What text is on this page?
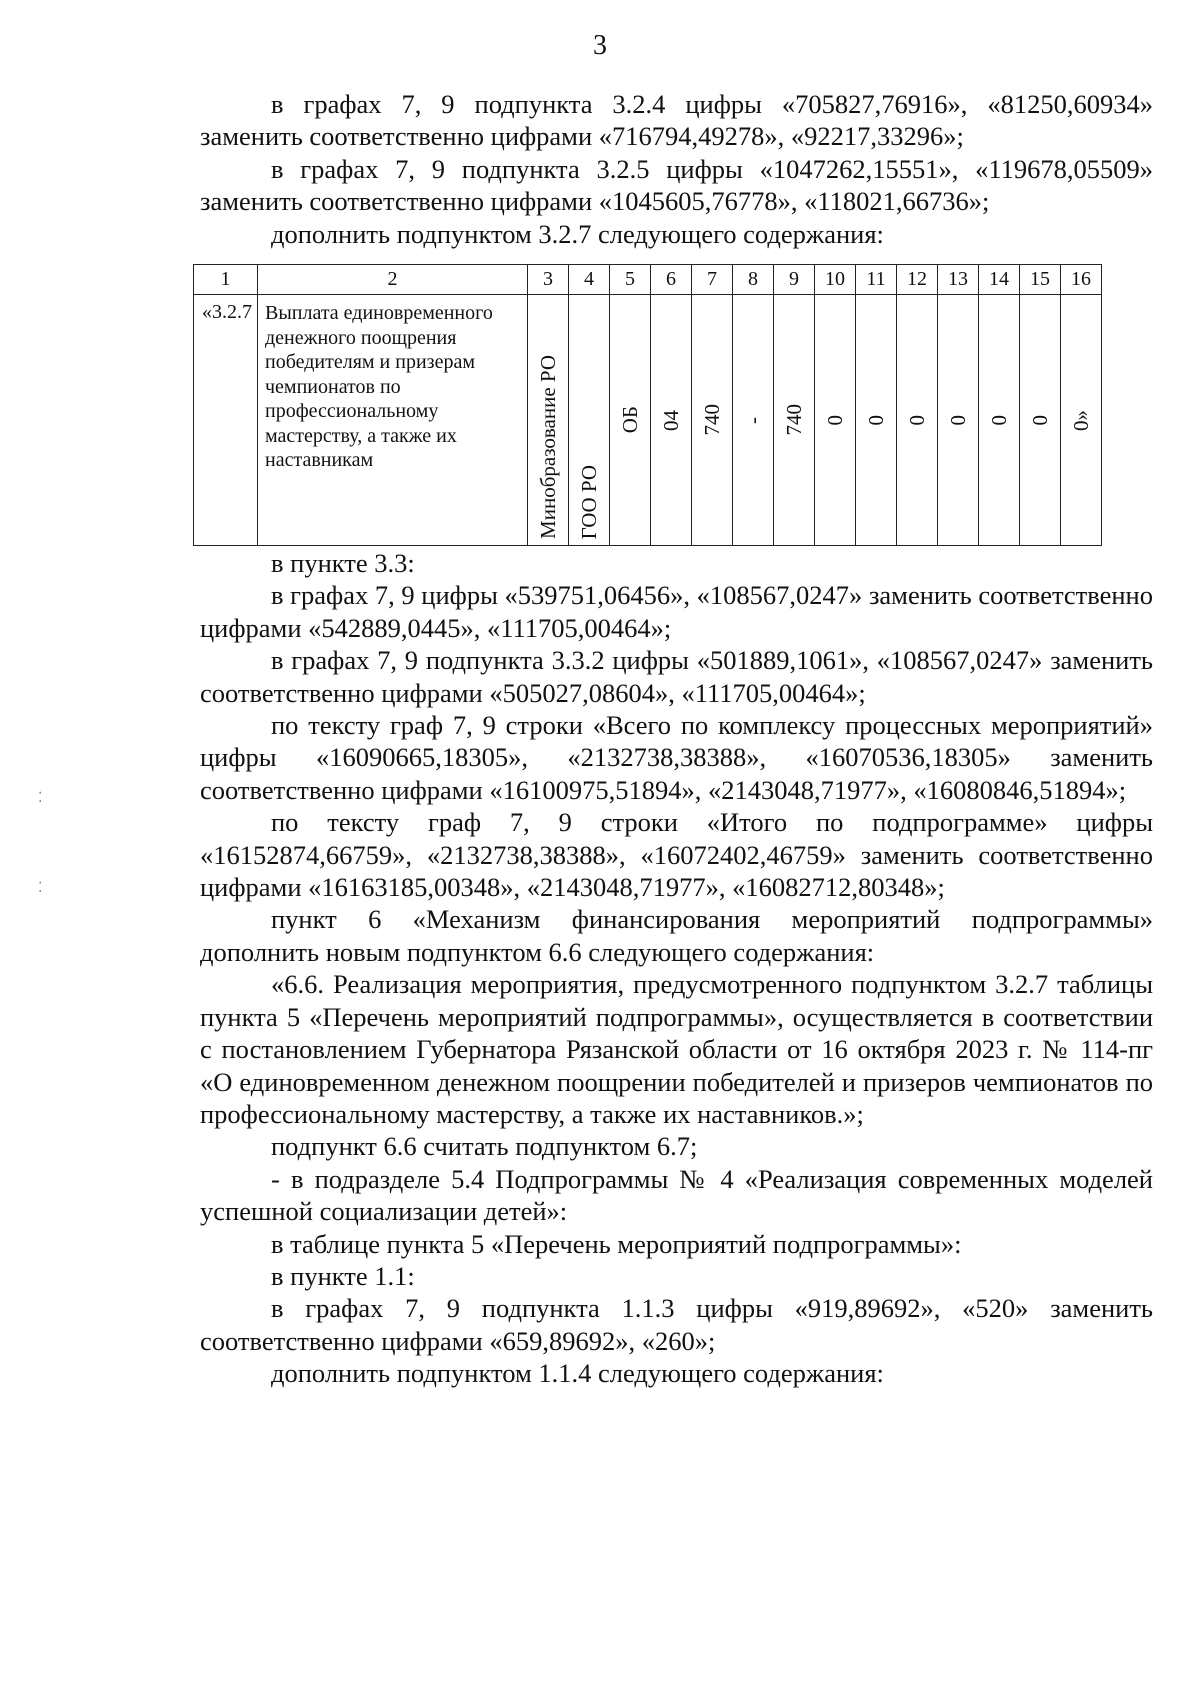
3

в графах 7, 9 подпункта 3.2.4 цифры «705827,76916», «81250,60934» заменить соответственно цифрами «716794,49278», «92217,33296»;

в графах 7, 9 подпункта 3.2.5 цифры «1047262,15551», «119678,05509» заменить соответственно цифрами «1045605,76778», «118021,66736»;

дополнить подпунктом 3.2.7 следующего содержания:

1	2	3	4	5	6	7	8	9	10	11	12	13	14	15	16
«3.2.7	Выплата единовременного денежного поощрения победителям и призерам чемпионатов по профессиональному мастерству, а также их наставникам	Минобразование РО	ГОО РО	ОБ	04	740	-	740	0	0	0	0	0	0	0»

в пункте 3.3:

в графах 7, 9 цифры «539751,06456», «108567,0247» заменить соответственно цифрами «542889,0445», «111705,00464»;

в графах 7, 9 подпункта 3.3.2 цифры «501889,1061», «108567,0247» заменить соответственно цифрами «505027,08604», «111705,00464»;

по тексту граф 7, 9 строки «Всего по комплексу процессных мероприятий» цифры «16090665,18305», «2132738,38388», «16070536,18305» заменить соответственно цифрами «16100975,51894», «2143048,71977», «16080846,51894»;

по тексту граф 7, 9 строки «Итого по подпрограмме» цифры «16152874,66759», «2132738,38388», «16072402,46759» заменить соответственно цифрами «16163185,00348», «2143048,71977», «16082712,80348»;

пункт 6 «Механизм финансирования мероприятий подпрограммы» дополнить новым подпунктом 6.6 следующего содержания:

«6.6. Реализация мероприятия, предусмотренного подпунктом 3.2.7 таблицы пункта 5 «Перечень мероприятий подпрограммы», осуществляется в соответствии с постановлением Губернатора Рязанской области от 16 октября 2023 г. № 114-пг «О единовременном денежном поощрении победителей и призеров чемпионатов по профессиональному мастерству, а также их наставников.»;

подпункт 6.6 считать подпунктом 6.7;

- в подразделе 5.4 Подпрограммы № 4 «Реализация современных моделей успешной социализации детей»:

в таблице пункта 5 «Перечень мероприятий подпрограммы»:

в пункте 1.1:

в графах 7, 9 подпункта 1.1.3 цифры «919,89692», «520» заменить соответственно цифрами «659,89692», «260»;

дополнить подпунктом 1.1.4 следующего содержания:

⁚
⁚
